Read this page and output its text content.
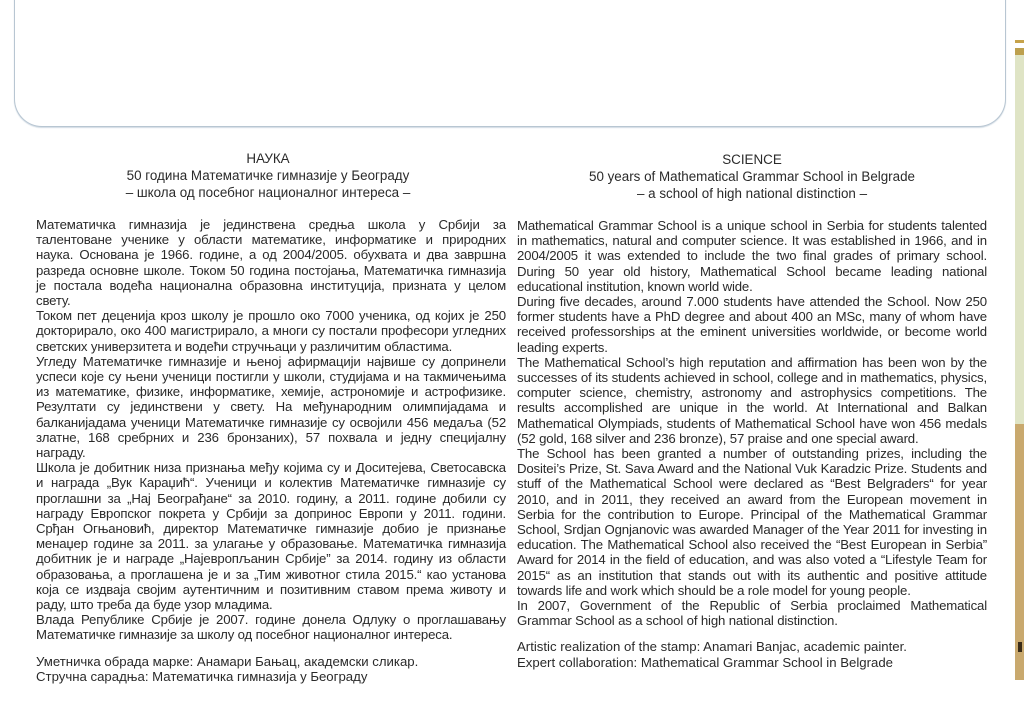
НАУКА
50 година Математичке гимназије у Београду
– школа од посебног националног интереса –

Математичка гимназија је јединствена средња школа у Србији за талентоване ученике у области математике, информатике и природних наука. Основана је 1966. године, а од 2004/2005. обухвата и два завршна разреда основне школе. Током 50 година постојања, Математичка гимназија је постала водећа национална образовна институција, призната у целом свету.

Током пет деценија кроз школу је прошло око 7000 ученика, од којих је 250 докторирало, око 400 магистрирало, а многи су постали професори угледних светских универзитета и водећи стручњаци у различитим областима.

Угледу Математичке гимназије и њеној афирмацији највише су допринели успеси које су њени ученици постигли у школи, студијама и на такмичењима из математике, физике, информатике, хемије, астрономије и астрофизике. Резултати су јединствени у свету. На међународним олимпијадама и балканијадама ученици Математичке гимназије су освојили 456 медаља (52 златне, 168 сребрних и 236 бронзаних), 57 похвала и једну специјалну награду.

Школа је добитник низа признања међу којима су и Доситејева, Светосавска и награда „Вук Караџић“. Ученици и колектив Математичке гимназије су проглашни за „Нај Београђане“ за 2010. годину, а 2011. године добили су награду Европског покрета у Србији за допринос Европи у 2011. години. Срђан Огњановић, директор Математичке гимназије добио је признање менаџер године за 2011. за улагање у образовање. Математичка гимназија добитник је и награде „Најевропљанин Србије” за 2014. годину из области образовања, а проглашена је и за „Тим животног стила 2015.“ као установа која се издваја својим аутентичним и позитивним ставом према животу и раду, што треба да буде узор младима.

Влада Републике Србије је 2007. године донела Одлуку о проглашавању Математичке гимназије за школу од посебног националног интереса.

Уметничка обрада марке: Анамари Бањац, академски сликар.

Стручна сарадња: Математичка гимназија у Београду

SCIENCE
50 years of Mathematical Grammar School in Belgrade
– a school of high national distinction –

Mathematical Grammar School is a unique school in Serbia for students talented in mathematics, natural and computer science. It was established in 1966, and in 2004/2005 it was extended to include the two final grades of primary school. During 50 year old history, Mathematical School became leading national educational institution, known world wide.

During five decades, around 7.000 students have attended the School. Now 250 former students have a PhD degree and about 400 an MSc, many of whom have received professorships at the eminent universities worldwide, or become world leading experts.

The Mathematical School’s high reputation and affirmation has been won by the successes of its students achieved in school, college and in mathematics, physics, computer science, chemistry, astronomy and astrophysics competitions. The results accomplished are unique in the world. At International and Balkan Mathematical Olympiads, students of Mathematical School have won 456 medals (52 gold, 168 silver and 236 bronze), 57 praise and one special award.

The School has been granted a number of outstanding prizes, including the Dositei’s Prize, St. Sava Award and the National Vuk Karadzic Prize. Students and stuff of the Mathematical School were declared as “Best Belgraders“ for year 2010, and in 2011, they received an award from the European movement in Serbia for the contribution to Europe. Principal of the Mathematical Grammar School, Srdjan Ognjanovic was awarded Manager of the Year 2011 for investing in education. The Mathematical School also received the “Best European in Serbia” Award for 2014 in the field of education, and was also voted a “Lifestyle Team for 2015“ as an institution that stands out with its authentic and positive attitude towards life and work which should be a role model for young people.

In 2007, Government of the Republic of Serbia proclaimed Mathematical Grammar School as a school of high national distinction.

Artistic realization of the stamp: Anamari Banjac, academic painter.

Expert collaboration: Mathematical Grammar School in Belgrade
